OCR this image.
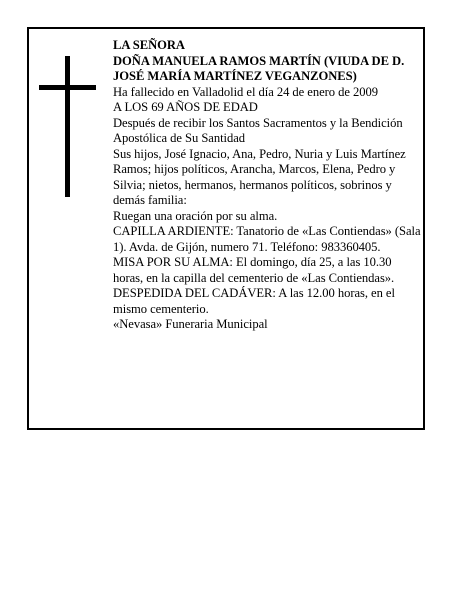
LA SEÑORA

DOÑA MANUELA RAMOS MARTÍN (VIUDA DE D. JOSÉ MARÍA MARTÍNEZ VEGANZONES)

Ha fallecido en Valladolid el día 24 de enero de 2009

A LOS 69 AÑOS DE EDAD

Después de recibir los Santos Sacramentos y la Bendición Apostólica de Su Santidad

Sus hijos, José Ignacio, Ana, Pedro, Nuria y Luis Martínez Ramos; hijos políticos, Arancha, Marcos, Elena, Pedro y Silvia; nietos, hermanos, hermanos políticos, sobrinos y demás familia:

Ruegan una oración por su alma.

CAPILLA ARDIENTE: Tanatorio de «Las Contiendas» (Sala 1). Avda. de Gijón, numero 71. Teléfono: 983360405.

MISA POR SU ALMA: El domingo, día 25, a las 10.30 horas, en la capilla del cementerio de «Las Contiendas».

DESPEDIDA DEL CADÁVER: A las 12.00 horas, en el mismo cementerio.

«Nevasa» Funeraria Municipal
